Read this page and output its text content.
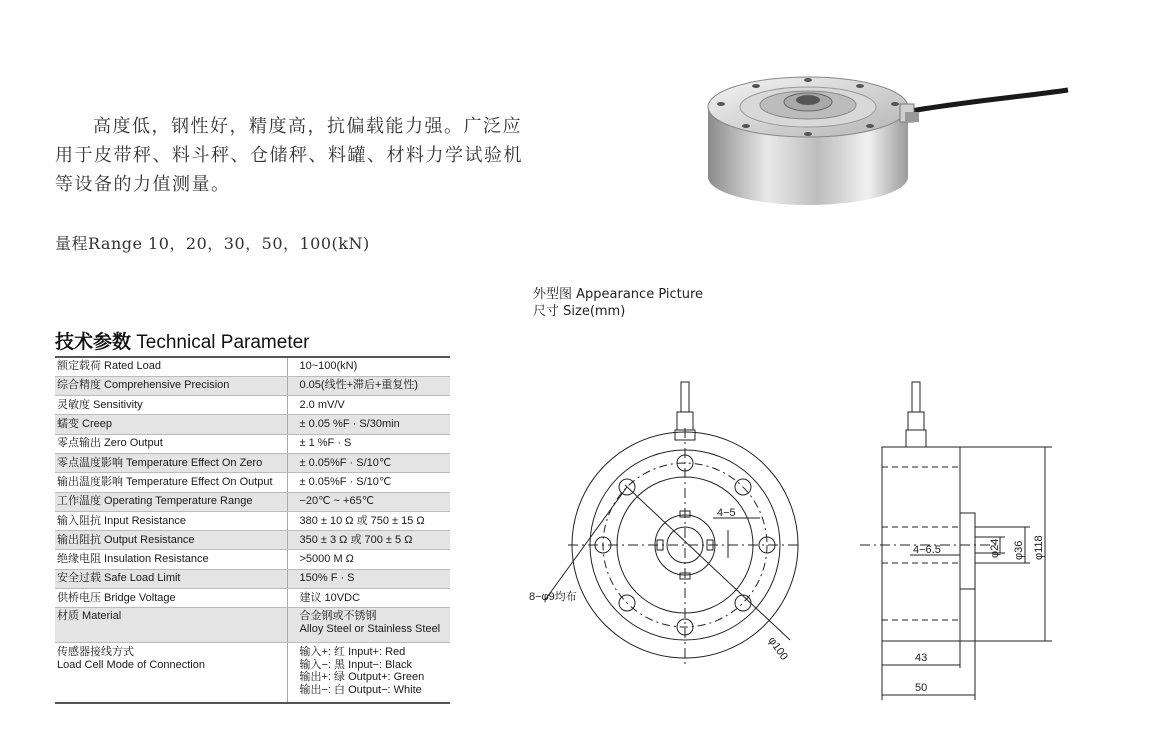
高度低，钢性好，精度高，抗偏载能力强。广泛应
用于皮带秤、料斗秤、仓储秤、料罐、材料力学试验机
等设备的力值测量。
量程Range 10，20，30，50，100(kN)
外型图 Appearance Picture
尺寸 Size(mm)
技术参数 Technical Parameter
额定载荷 Rated Load	10~100(kN)
综合精度 Comprehensive Precision	0.05(线性+滞后+重复性)
灵敏度 Sensitivity	2.0 mV/V
蠕变 Creep	± 0.05 %F · S/30min
零点输出 Zero Output	± 1 %F · S
零点温度影响 Temperature Effect On Zero	± 0.05%F · S/10℃
输出温度影响 Temperature Effect On Output	± 0.05%F · S/10℃
工作温度 Operating Temperature Range	−20℃ ~ +65℃
输入阻抗 Input Resistance	380 ± 10 Ω 或 750 ± 15 Ω
输出阻抗 Output Resistance	350 ± 3 Ω 或 700 ± 5 Ω
绝缘电阻 Insulation Resistance	>5000 M Ω
安全过载 Safe Load Limit	150% F · S
供桥电压 Bridge Voltage	建议 10VDC
材质 Material	合金钢或不锈钢
Alloy Steel or Stainless Steel

传感器接线方式
Load Cell Mode of Connection	输入+: 红 Input+: Red
输入−: 黑 Input−: Black
输出+: 绿 Output+: Green
输出−: 白 Output−: White
8−φ9均布
4−5
φ100
4−6.5	φ24 φ36 φ118
43
50
